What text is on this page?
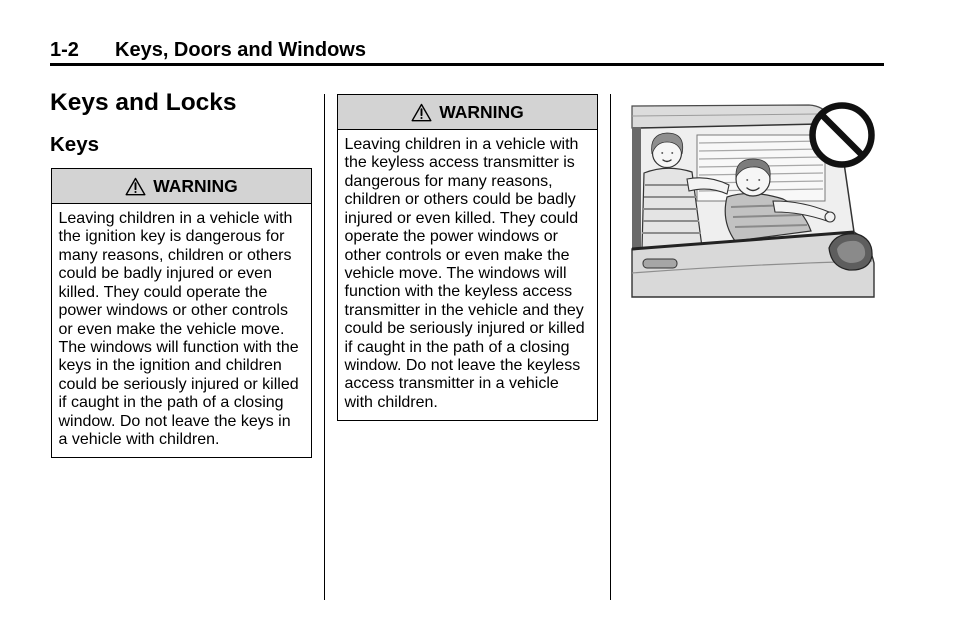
1-2 Keys, Doors and Windows
Keys and Locks
Keys
WARNING
Leaving children in a vehicle with
the ignition key is dangerous for
many reasons, children or others
could be badly injured or even
killed. They could operate the
power windows or other controls
or even make the vehicle move.
The windows will function with the
keys in the ignition and children
could be seriously injured or killed
if caught in the path of a closing
window. Do not leave the keys in
a vehicle with children.
WARNING
Leaving children in a vehicle with
the keyless access transmitter is
dangerous for many reasons,
children or others could be badly
injured or even killed. They could
operate the power windows or
other controls or even make the
vehicle move. The windows will
function with the keyless access
transmitter in the vehicle and they
could be seriously injured or killed
if caught in the path of a closing
window. Do not leave the keyless
access transmitter in a vehicle
with children.
